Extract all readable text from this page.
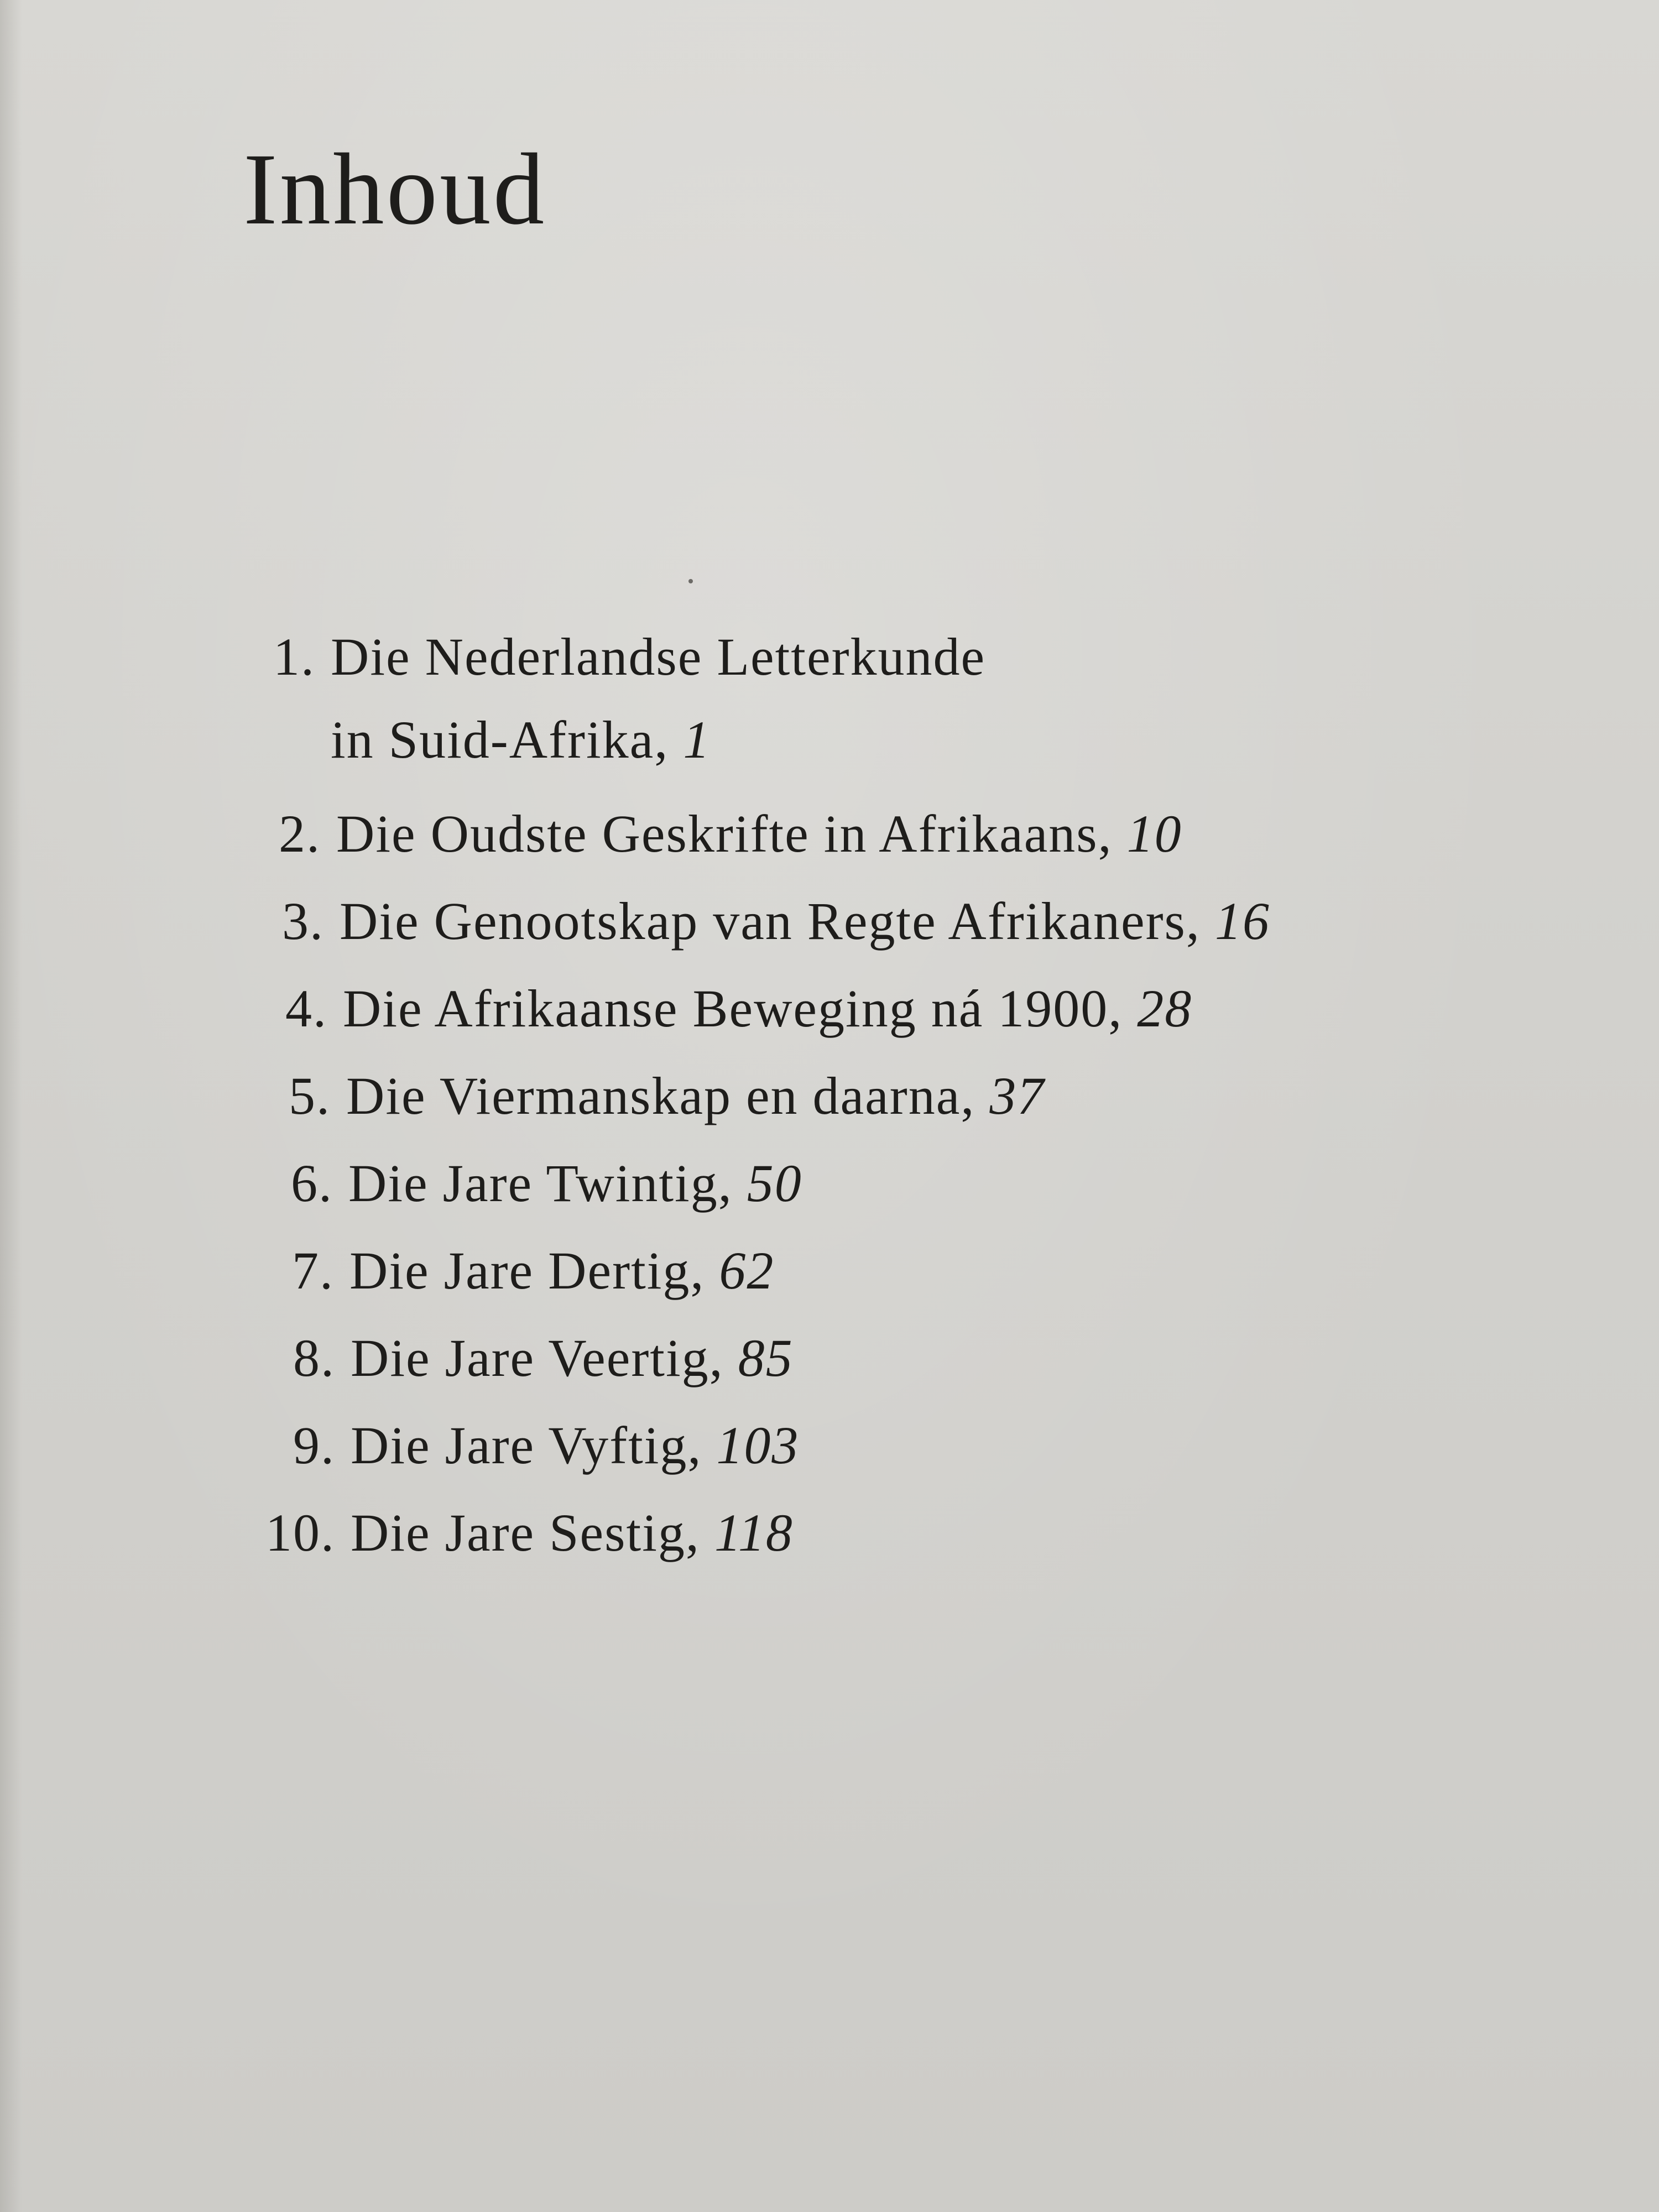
Inhoud
1. Die Nederlandse Letterkunde
in Suid-Afrika, 1
2. Die Oudste Geskrifte in Afrikaans, 10
3. Die Genootskap van Regte Afrikaners, 16
4. Die Afrikaanse Beweging ná 1900, 28
5. Die Viermanskap en daarna, 37
6. Die Jare Twintig, 50
7. Die Jare Dertig, 62
8. Die Jare Veertig, 85
9. Die Jare Vyftig, 103
10. Die Jare Sestig, 118
